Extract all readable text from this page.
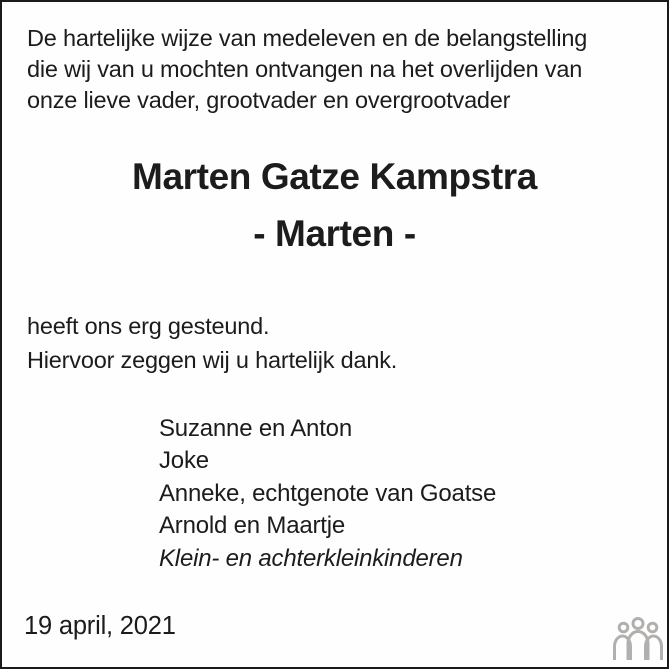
De hartelijke wijze van medeleven en de belangstelling
die wij van u mochten ontvangen na het overlijden van
onze lieve vader, grootvader en overgrootvader
Marten Gatze Kampstra
- Marten -
heeft ons erg gesteund.
Hiervoor zeggen wij u hartelijk dank.
Suzanne en Anton
Joke
Anneke, echtgenote van Goatse
Arnold en Maartje
Klein- en achterkleinkinderen
19 april, 2021
